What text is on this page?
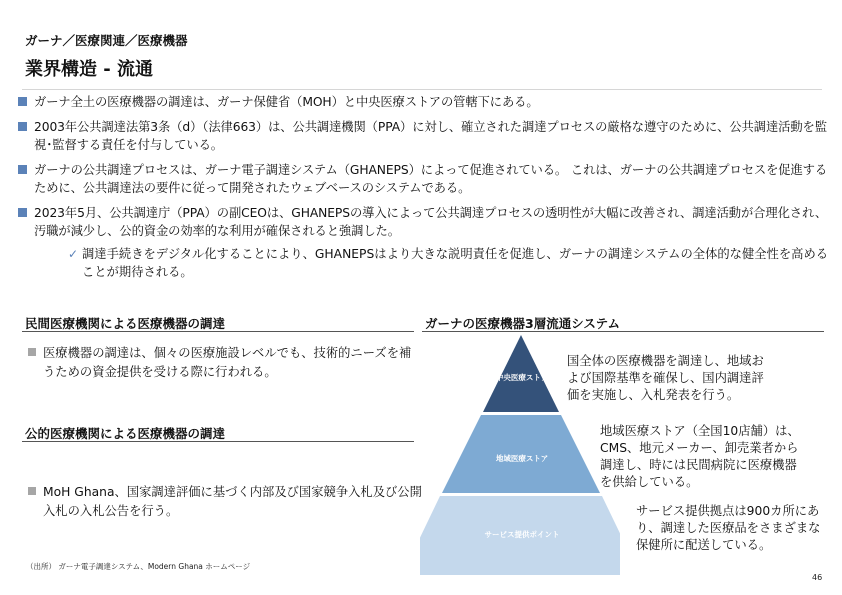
ガーナ／医療関連／医療機器
業界構造 - 流通
ガーナ全土の医療機器の調達は、ガーナ保健省（MOH）と中央医療ストアの管轄下にある。
2003年公共調達法第3条（d）（法律663）は、公共調達機関（PPA）に対し、確立された調達プロセスの厳格な遵守のために、公共調達活動を監視･監督する責任を付与している。
ガーナの公共調達プロセスは、ガーナ電子調達システム（GHANEPS）によって促進されている。 これは、ガーナの公共調達プロセスを促進するために、公共調達法の要件に従って開発されたウェブベースのシステムである。
2023年5月、公共調達庁（PPA）の副CEOは、GHANEPSの導入によって公共調達プロセスの透明性が大幅に改善され、調達活動が合理化され、汚職が減少し、公的資金の効率的な利用が確保されると強調した。
✓ 調達手続きをデジタル化することにより、GHANEPSはより大きな説明責任を促進し、ガーナの調達システムの全体的な健全性を高めることが期待される。
民間医療機関による医療機器の調達
医療機器の調達は、個々の医療施設レベルでも、技術的ニーズを補うための資金提供を受ける際に行われる。
公的医療機関による医療機器の調達
MoH Ghana、国家調達評価に基づく内部及び国家競争入札及び公開入札の入札公告を行う。
ガーナの医療機器3層流通システム
中央医療ストア
地域医療ストア
サービス提供ポイント
国全体の医療機器を調達し、地域および国際基準を確保し、国内調達評価を実施し、入札発表を行う。
地域医療ストア（全国10店舗）は、CMS、地元メーカー、卸売業者から調達し、時には民間病院に医療機器を供給している。
サービス提供拠点は900カ所にあり、調達した医療品をさまざまな保健所に配送している。
（出所） ガーナ電子調達システム、Modern Ghana ホームページ
46
